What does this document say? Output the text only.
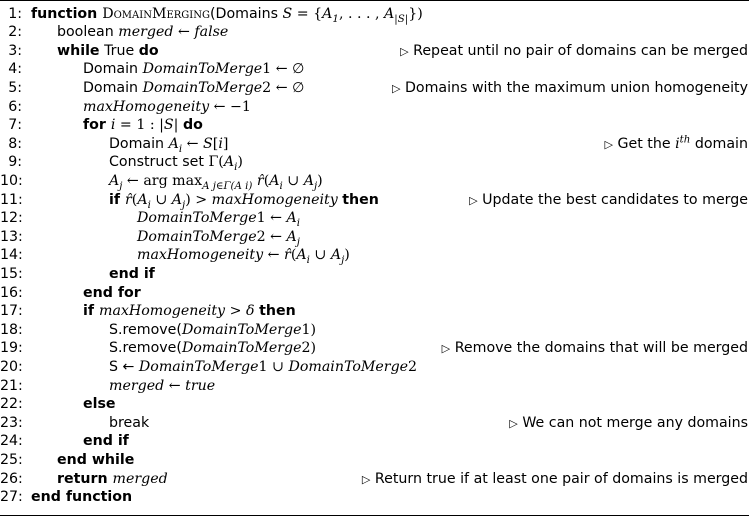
1: function DomainMerging(Domains $S = \{A_1$, . . . , $A_{|S|}$})
2: boolean merged ← false
3: while True do	▷ Repeat until no pair of domains can be merged
4:	Domain DomainToMerge1 ← ∅
5:	Domain DomainToMerge2 ← ∅	▷ Domains with the maximum union homogeneity
6:	maxHomogeneity ← −1
7:	for i = 1 : |S| do
8:	Domain $A_i$ ← S[i]	▷ Get the $i^{th}$ domain
9:	Construct set $\Gamma(A_i)$
10:	$A_j$ ← arg $\max_{A j\in\Gamma(A i)}$ $r̂(A_i$ ∪ $A_j$)
11:	if $r̂(A_i$ ∪ $A_j$) > maxHomogeneity then	▷ Update the best candidates to merge
12:	DomainToMerge1 ← $A_i$
13:	DomainToMerge2 ← $A_j$
14:	maxHomogeneity ← $r̂(A_i$ ∪ $A_j$)
15:	end if
16:	end for
17:	if maxHomogeneity > δ then
18:	S.remove(DomainToMerge1)
19:	S.remove(DomainToMerge2)	▷ Remove the domains that will be merged
20:	S ← DomainToMerge1 ∪ DomainToMerge2
21:	merged ← true
22:	else
23:	break	▷ We can not merge any domains
24:	end if
25: end while
26: return merged	▷ Return true if at least one pair of domains is merged
27: end function
